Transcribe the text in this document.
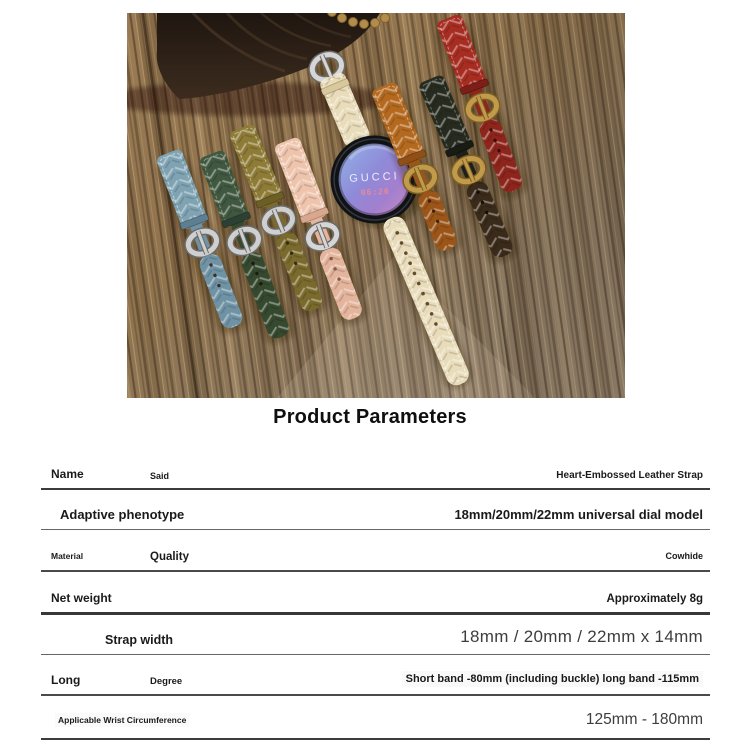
GUCCI
06:26
Product Parameters
Name	Said	Heart-Embossed Leather Strap
Adaptive phenotype	18mm/20mm/22mm universal dial model
Material	Quality	Cowhide
Net weight	Approximately 8g
Strap width	18mm / 20mm / 22mm x 14mm
Long	Degree	Short band -80mm (including buckle) long band -115mm
Applicable Wrist Circumference	125mm - 180mm
